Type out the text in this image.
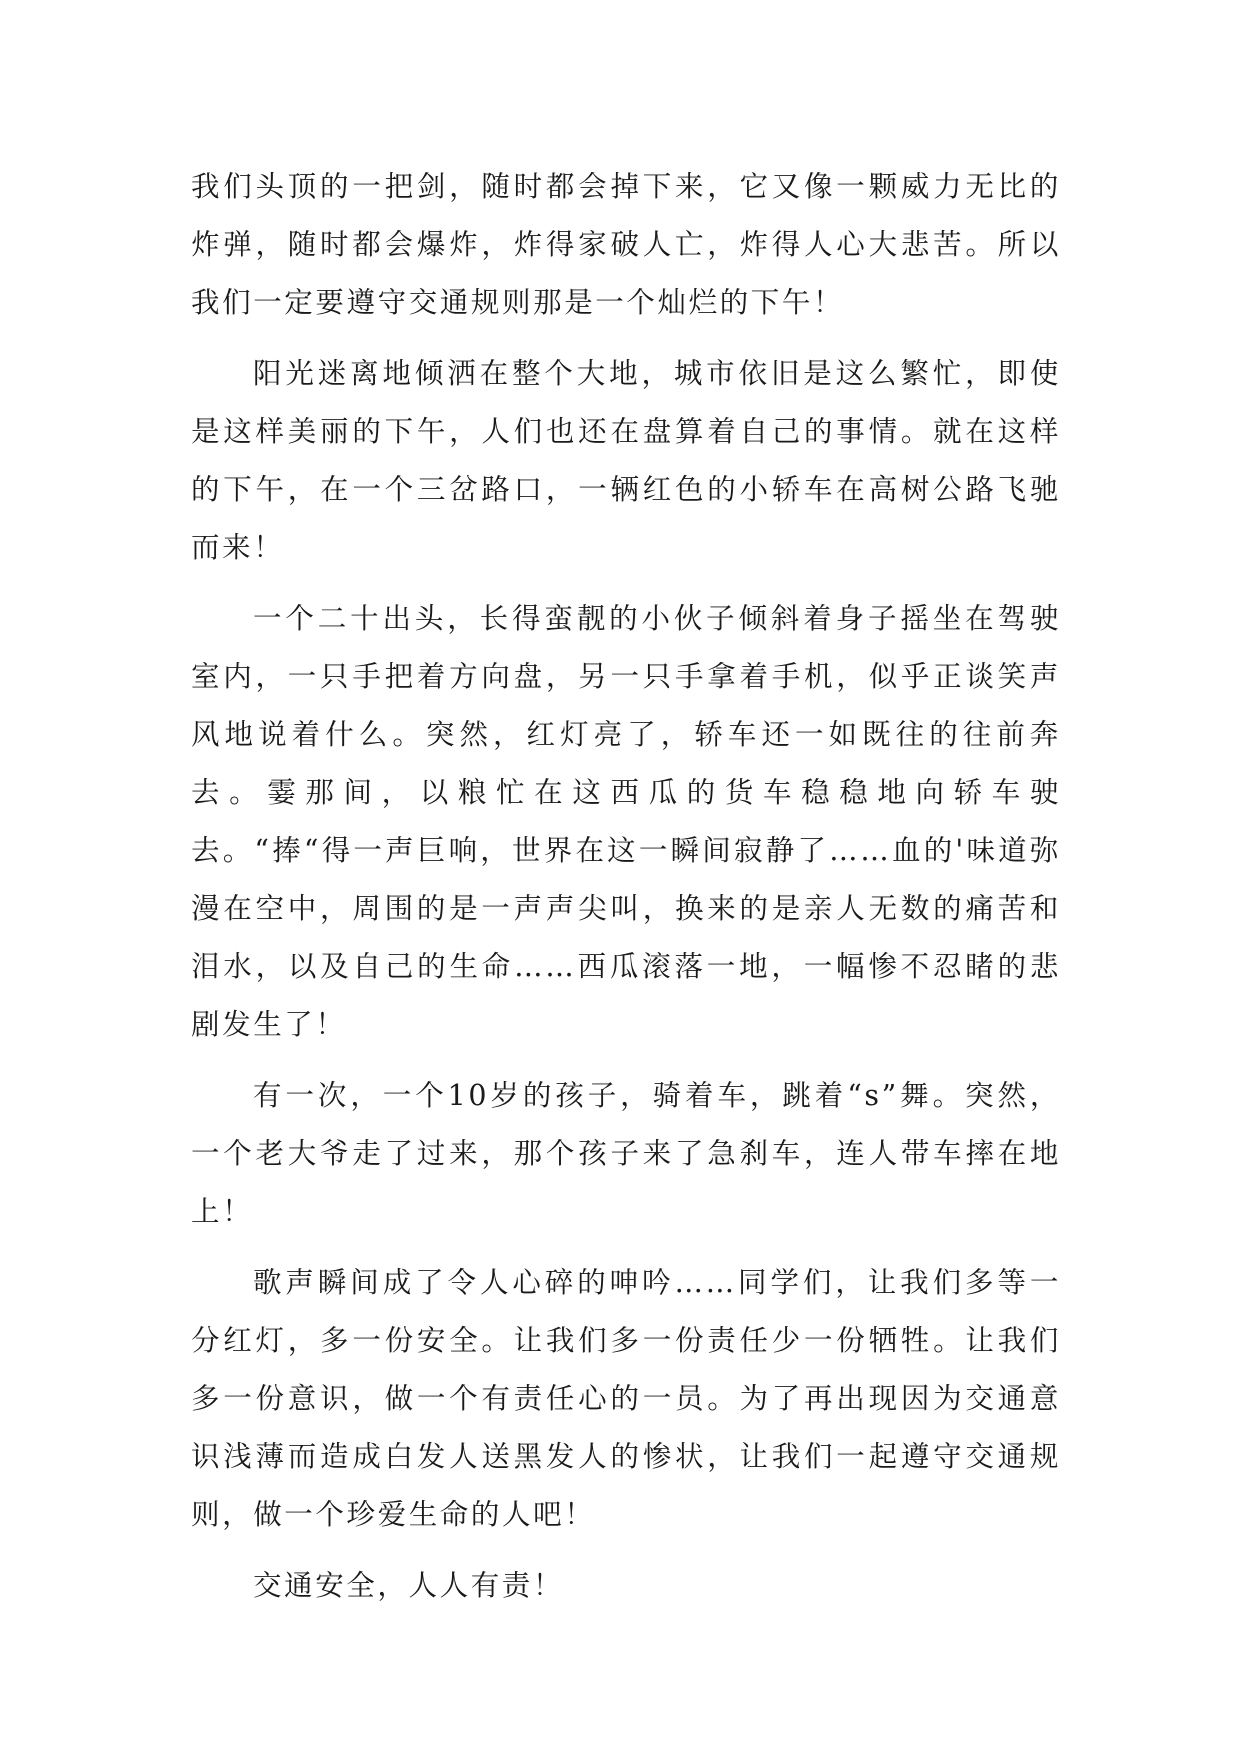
我们头顶的一把剑，随时都会掉下来，它又像一颗威力无比的炸弹，随时都会爆炸，炸得家破人亡，炸得人心大悲苦。所以我们一定要遵守交通规则那是一个灿烂的下午！

阳光迷离地倾洒在整个大地，城市依旧是这么繁忙，即使是这样美丽的下午，人们也还在盘算着自己的事情。就在这样的下午，在一个三岔路口，一辆红色的小轿车在高树公路飞驰而来！

一个二十出头，长得蛮靓的小伙子倾斜着身子摇坐在驾驶室内，一只手把着方向盘，另一只手拿着手机，似乎正谈笑声风地说着什么。突然，红灯亮了，轿车还一如既往的往前奔去。霎那间，以粮忙在这西瓜的货车稳稳地向轿车驶去。“捧“得一声巨响，世界在这一瞬间寂静了……血的'味道弥漫在空中，周围的是一声声尖叫，换来的是亲人无数的痛苦和泪水，以及自己的生命……西瓜滚落一地，一幅惨不忍睹的悲剧发生了！

有一次，一个10岁的孩子，骑着车，跳着“s”舞。突然，一个老大爷走了过来，那个孩子来了急刹车，连人带车摔在地上！

歌声瞬间成了令人心碎的呻吟……同学们，让我们多等一分红灯，多一份安全。让我们多一份责任少一份牺牲。让我们多一份意识，做一个有责任心的一员。为了再出现因为交通意识浅薄而造成白发人送黑发人的惨状，让我们一起遵守交通规则，做一个珍爱生命的人吧！

交通安全，人人有责！
